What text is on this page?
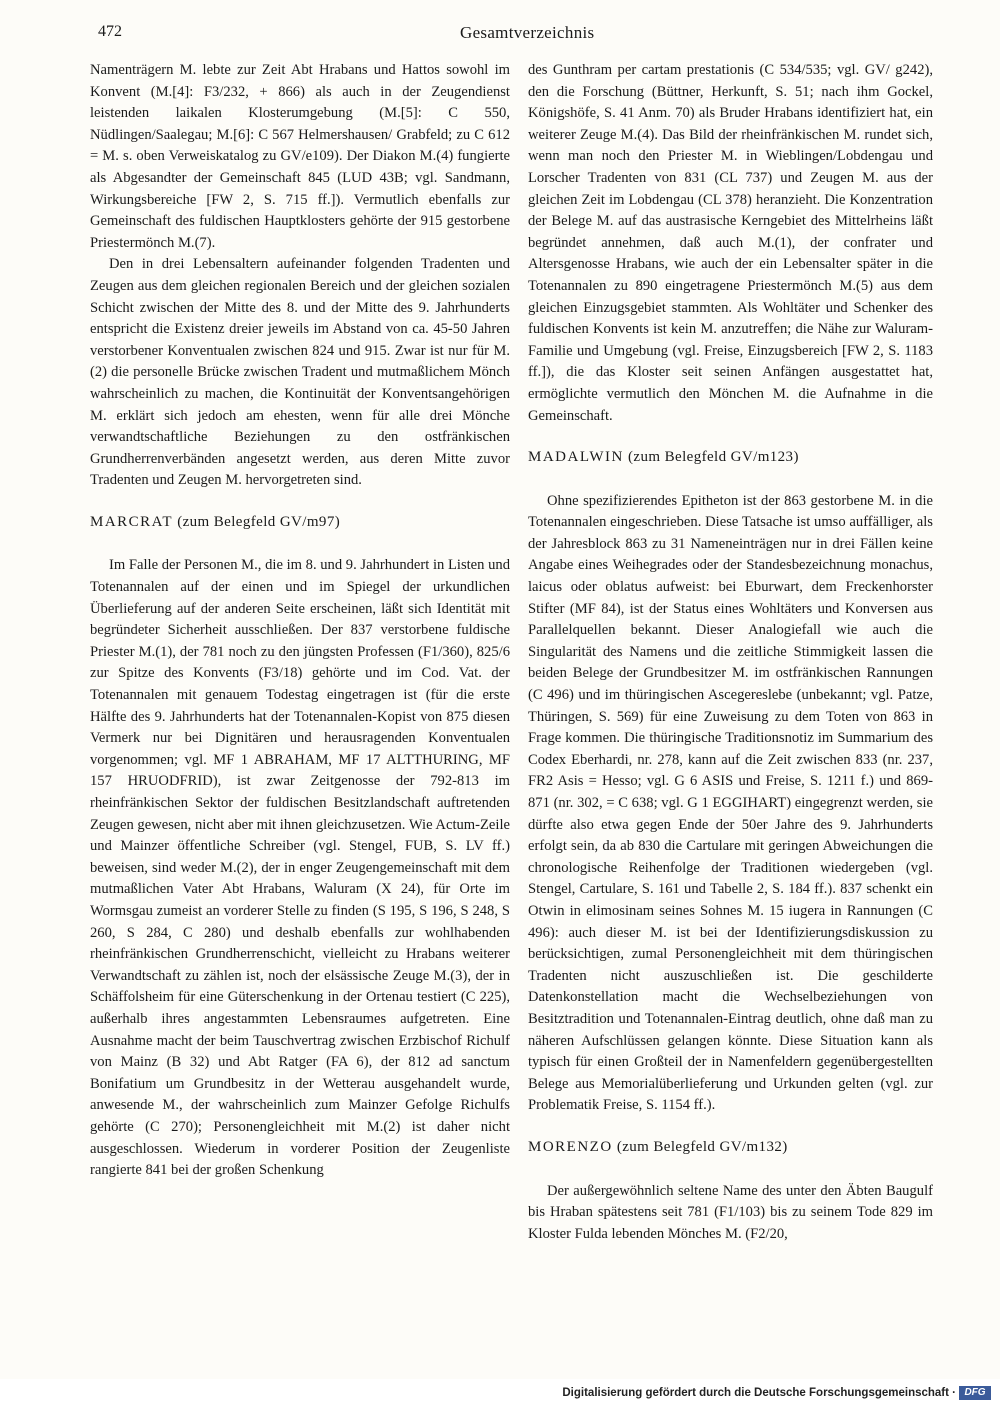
472	Gesamtverzeichnis

Namenträgern M. lebte zur Zeit Abt Hrabans und Hattos sowohl im Konvent (M.[4]: F3/232, + 866) als auch in der Zeugendienst leistenden laikalen Klosterumgebung (M.[5]: C 550, Nüdlingen/Saalegau; M.[6]: C 567 Helmershausen/ Grabfeld; zu C 612 = M. s. oben Verweiskatalog zu GV/e109). Der Diakon M.(4) fungierte als Abgesandter der Gemeinschaft 845 (LUD 43B; vgl. Sandmann, Wirkungsbereiche [FW 2, S. 715 ff.]). Vermutlich ebenfalls zur Gemeinschaft des fuldischen Hauptklosters gehörte der 915 gestorbene Priestermönch M.(7).

Den in drei Lebensaltern aufeinander folgenden Tradenten und Zeugen aus dem gleichen regionalen Bereich und der gleichen sozialen Schicht zwischen der Mitte des 8. und der Mitte des 9. Jahrhunderts entspricht die Existenz dreier jeweils im Abstand von ca. 45-50 Jahren verstorbener Konventualen zwischen 824 und 915. Zwar ist nur für M.(2) die personelle Brücke zwischen Tradent und mutmaßlichem Mönch wahrscheinlich zu machen, die Kontinuität der Konventsangehörigen M. erklärt sich jedoch am ehesten, wenn für alle drei Mönche verwandtschaftliche Beziehungen zu den ostfränkischen Grundherrenverbänden angesetzt werden, aus deren Mitte zuvor Tradenten und Zeugen M. hervorgetreten sind.

MARCRAT (zum Belegfeld GV/m97)

Im Falle der Personen M., die im 8. und 9. Jahrhundert in Listen und Totenannalen auf der einen und im Spiegel der urkundlichen Überlieferung auf der anderen Seite erscheinen, läßt sich Identität mit begründeter Sicherheit ausschließen. Der 837 verstorbene fuldische Priester M.(1), der 781 noch zu den jüngsten Professen (F1/360), 825/6 zur Spitze des Konvents (F3/18) gehörte und im Cod. Vat. der Totenannalen mit genauem Todestag eingetragen ist (für die erste Hälfte des 9. Jahrhunderts hat der Totenannalen-Kopist von 875 diesen Vermerk nur bei Dignitären und herausragenden Konventualen vorgenommen; vgl. MF 1 ABRAHAM, MF 17 ALTTHURING, MF 157 HRUODFRID), ist zwar Zeitgenosse der 792-813 im rheinfränkischen Sektor der fuldischen Besitzlandschaft auftretenden Zeugen gewesen, nicht aber mit ihnen gleichzusetzen. Wie Actum-Zeile und Mainzer öffentliche Schreiber (vgl. Stengel, FUB, S. LV ff.) beweisen, sind weder M.(2), der in enger Zeugengemeinschaft mit dem mutmaßlichen Vater Abt Hrabans, Waluram (X 24), für Orte im Wormsgau zumeist an vorderer Stelle zu finden (S 195, S 196, S 248, S 260, S 284, C 280) und deshalb ebenfalls zur wohlhabenden rheinfränkischen Grundherrenschicht, vielleicht zu Hrabans weiterer Verwandtschaft zu zählen ist, noch der elsässische Zeuge M.(3), der in Schäffolsheim für eine Güterschenkung in der Ortenau testiert (C 225), außerhalb ihres angestammten Lebensraumes aufgetreten. Eine Ausnahme macht der beim Tauschvertrag zwischen Erzbischof Richulf von Mainz (B 32) und Abt Ratger (FA 6), der 812 ad sanctum Bonifatium um Grundbesitz in der Wetterau ausgehandelt wurde, anwesende M., der wahrscheinlich zum Mainzer Gefolge Richulfs gehörte (C 270); Personengleichheit mit M.(2) ist daher nicht ausgeschlossen. Wiederum in vorderer Position der Zeugenliste rangierte 841 bei der großen Schenkung

des Gunthram per cartam prestationis (C 534/535; vgl. GV/ g242), den die Forschung (Büttner, Herkunft, S. 51; nach ihm Gockel, Königshöfe, S. 41 Anm. 70) als Bruder Hrabans identifiziert hat, ein weiterer Zeuge M.(4). Das Bild der rheinfränkischen M. rundet sich, wenn man noch den Priester M. in Wieblingen/Lobdengau und Lorscher Tradenten von 831 (CL 737) und Zeugen M. aus der gleichen Zeit im Lobdengau (CL 378) heranzieht. Die Konzentration der Belege M. auf das austrasische Kerngebiet des Mittelrheins läßt begründet annehmen, daß auch M.(1), der confrater und Altersgenosse Hrabans, wie auch der ein Lebensalter später in die Totenannalen zu 890 eingetragene Priestermönch M.(5) aus dem gleichen Einzugsgebiet stammten. Als Wohltäter und Schenker des fuldischen Konvents ist kein M. anzutreffen; die Nähe zur Waluram-Familie und Umgebung (vgl. Freise, Einzugsbereich [FW 2, S. 1183 ff.]), die das Kloster seit seinen Anfängen ausgestattet hat, ermöglichte vermutlich den Mönchen M. die Aufnahme in die Gemeinschaft.

MADALWIN (zum Belegfeld GV/m123)

Ohne spezifizierendes Epitheton ist der 863 gestorbene M. in die Totenannalen eingeschrieben. Diese Tatsache ist umso auffälliger, als der Jahresblock 863 zu 31 Nameneinträgen nur in drei Fällen keine Angabe eines Weihegrades oder der Standesbezeichnung monachus, laicus oder oblatus aufweist: bei Eburwart, dem Freckenhorster Stifter (MF 84), ist der Status eines Wohltäters und Konversen aus Parallelquellen bekannt. Dieser Analogiefall wie auch die Singularität des Namens und die zeitliche Stimmigkeit lassen die beiden Belege der Grundbesitzer M. im ostfränkischen Rannungen (C 496) und im thüringischen Ascegereslebe (unbekannt; vgl. Patze, Thüringen, S. 569) für eine Zuweisung zu dem Toten von 863 in Frage kommen. Die thüringische Traditionsnotiz im Summarium des Codex Eberhardi, nr. 278, kann auf die Zeit zwischen 833 (nr. 237, FR2 Asis = Hesso; vgl. G 6 ASIS und Freise, S. 1211 f.) und 869-871 (nr. 302, = C 638; vgl. G 1 EGGIHART) eingegrenzt werden, sie dürfte also etwa gegen Ende der 50er Jahre des 9. Jahrhunderts erfolgt sein, da ab 830 die Cartulare mit geringen Abweichungen die chronologische Reihenfolge der Traditionen wiedergeben (vgl. Stengel, Cartulare, S. 161 und Tabelle 2, S. 184 ff.). 837 schenkt ein Otwin in elimosinam seines Sohnes M. 15 iugera in Rannungen (C 496): auch dieser M. ist bei der Identifizierungsdiskussion zu berücksichtigen, zumal Personengleichheit mit dem thüringischen Tradenten nicht auszuschließen ist. Die geschilderte Datenkonstellation macht die Wechselbeziehungen von Besitztradition und Totenannalen-Eintrag deutlich, ohne daß man zu näheren Aufschlüssen gelangen könnte. Diese Situation kann als typisch für einen Großteil der in Namenfeldern gegenübergestellten Belege aus Memorialüberlieferung und Urkunden gelten (vgl. zur Problematik Freise, S. 1154 ff.).

MORENZO (zum Belegfeld GV/m132)

Der außergewöhnlich seltene Name des unter den Äbten Baugulf bis Hraban spätestens seit 781 (F1/103) bis zu seinem Tode 829 im Kloster Fulda lebenden Mönches M. (F2/20,

Digitalisierung gefördert durch die Deutsche Forschungsgemeinschaft · DFG
